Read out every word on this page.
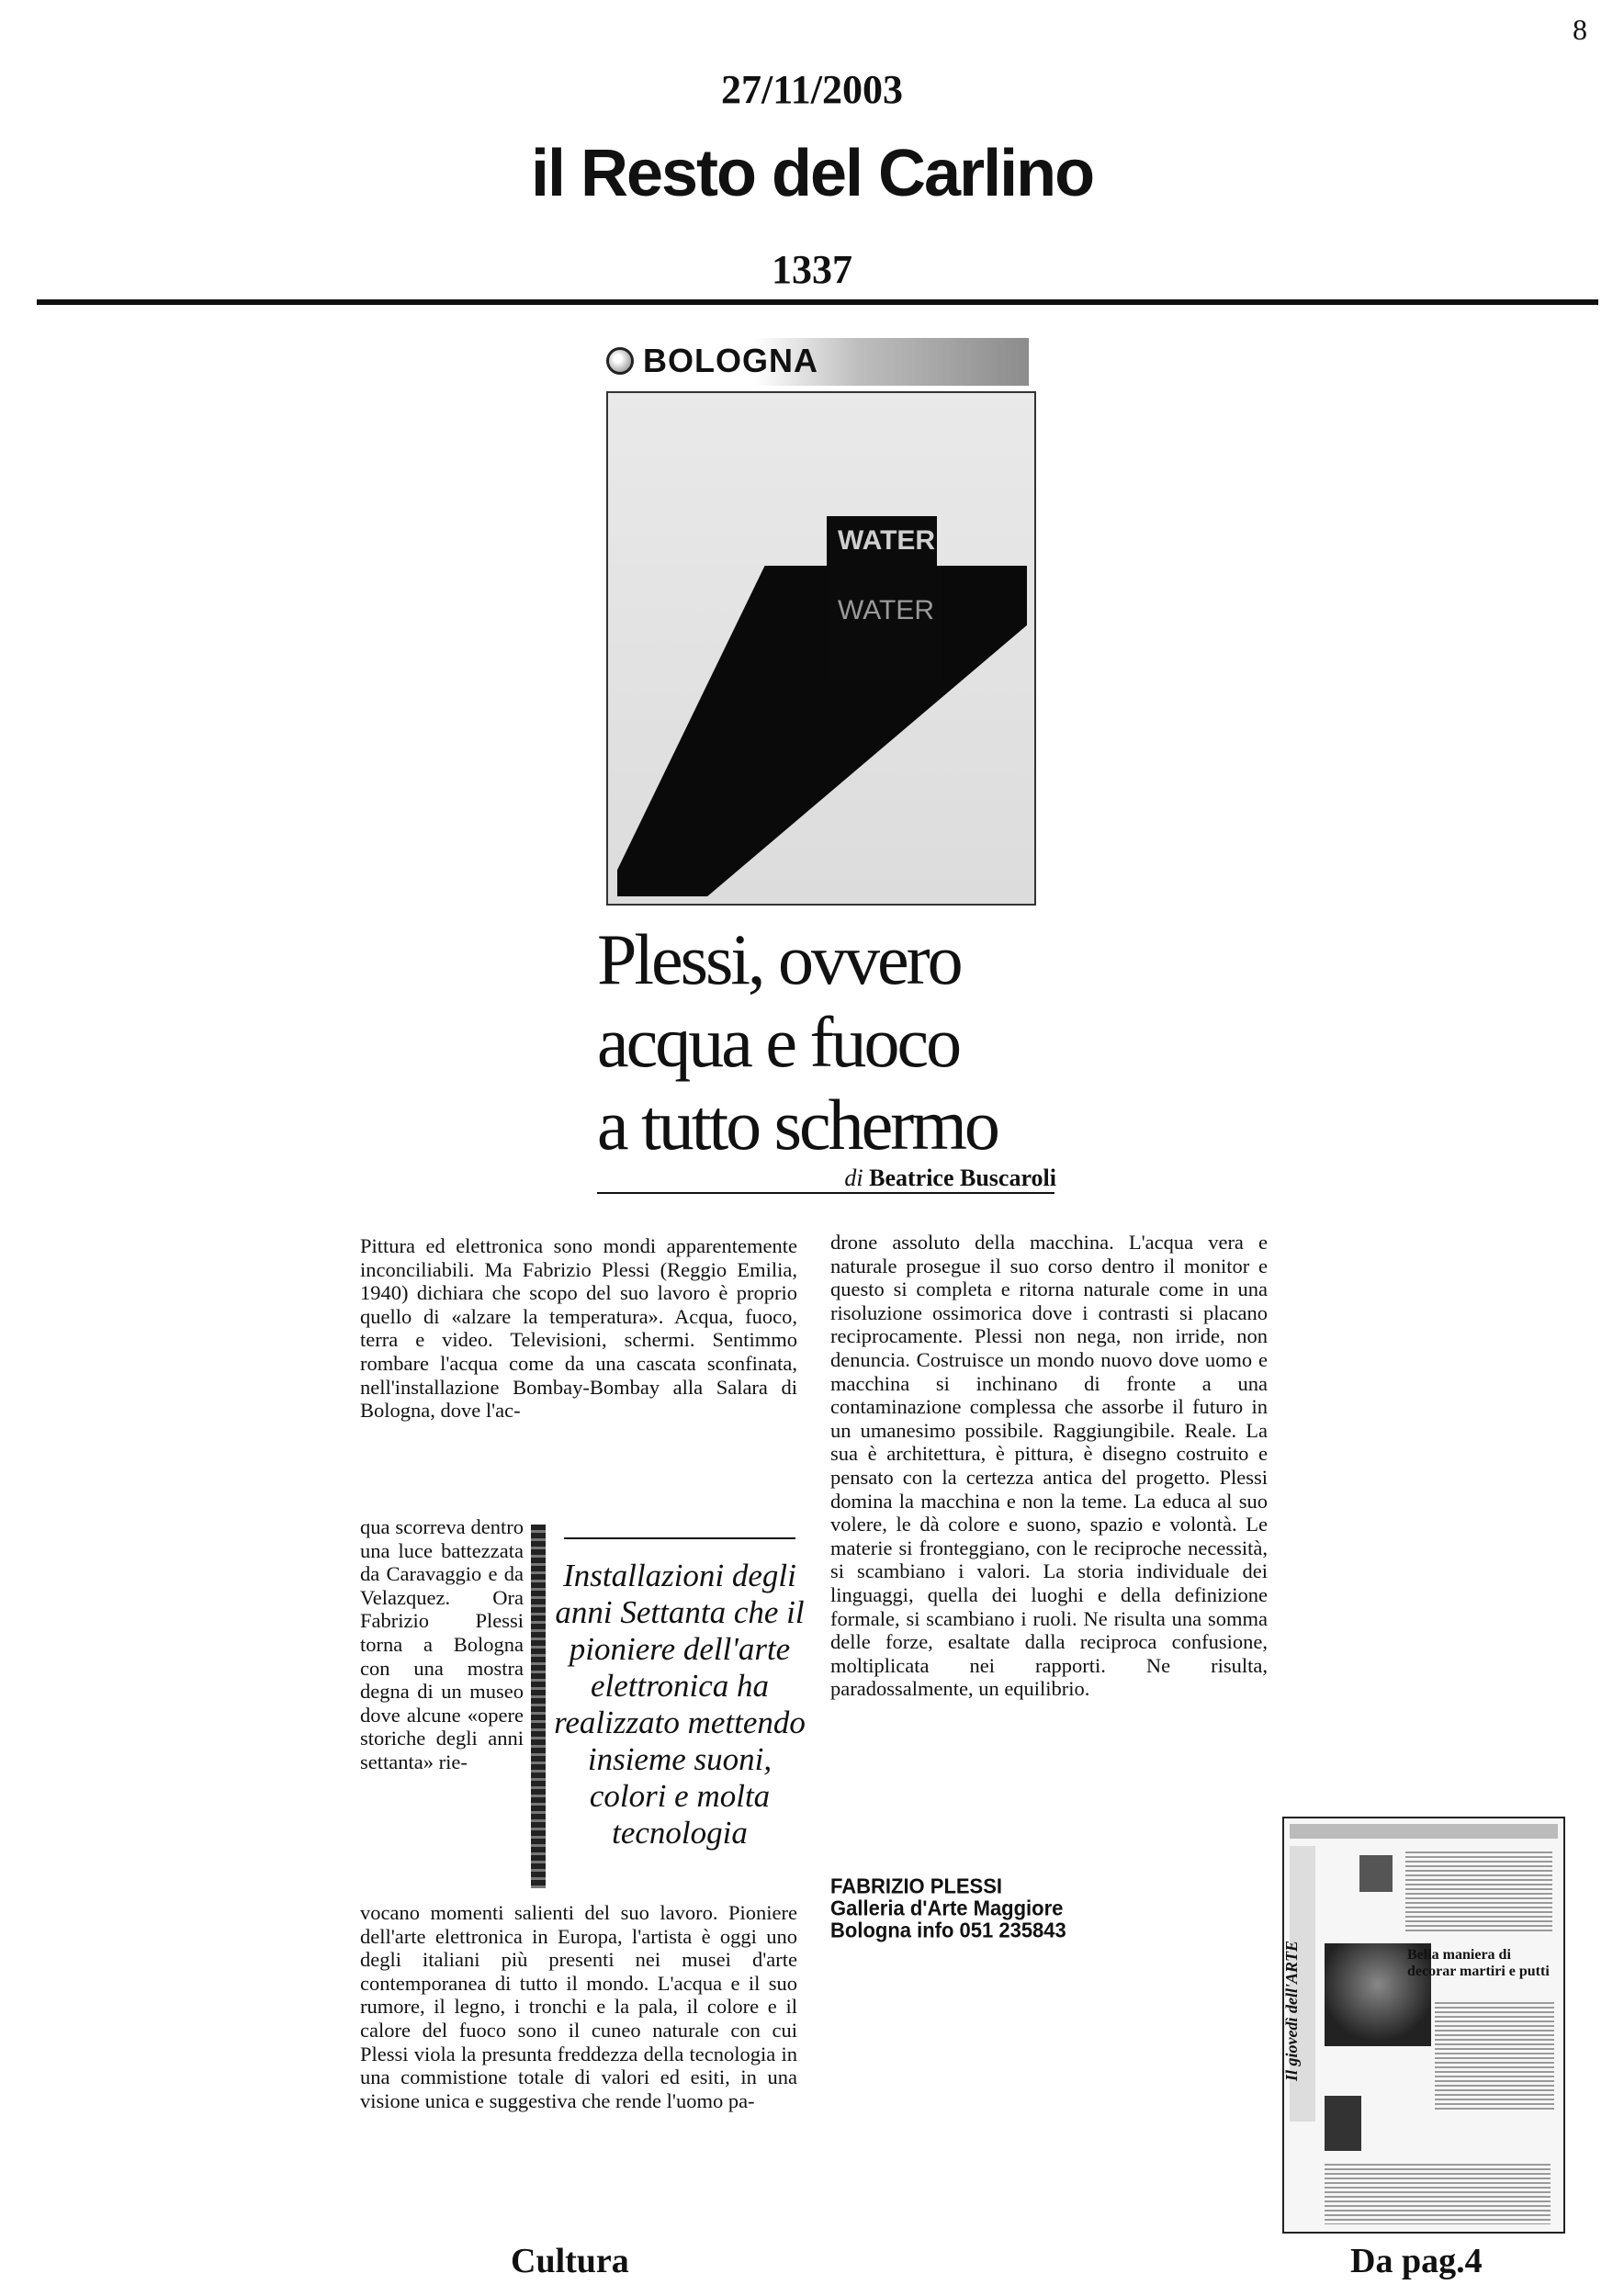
8
27/11/2003
il Resto del Carlino
1337
BOLOGNA
WATER
WATER
Plessi, ovvero
acqua e fuoco
a tutto schermo
di Beatrice Buscaroli
Pittura ed elettronica sono mondi apparentemente inconciliabili. Ma Fabrizio Plessi (Reggio Emilia, 1940) dichiara che scopo del suo lavoro è proprio quello di «alzare la temperatura». Acqua, fuoco, terra e video. Televisioni, schermi. Sentimmo rombare l'acqua come da una cascata sconfinata, nell'installazione Bombay-Bombay alla Salara di Bologna, dove l'ac-
qua scorreva dentro una luce battezzata da Caravaggio e da Velazquez. Ora Fabrizio Plessi torna a Bologna con una mostra degna di un museo dove alcune «opere storiche degli anni settanta» rie-
vocano momenti salienti del suo lavoro. Pioniere dell'arte elettronica in Europa, l'artista è oggi uno degli italiani più presenti nei musei d'arte contemporanea di tutto il mondo. L'acqua e il suo rumore, il legno, i tronchi e la pala, il colore e il calore del fuoco sono il cuneo naturale con cui Plessi viola la presunta freddezza della tecnologia in una commistione totale di valori ed esiti, in una visione unica e suggestiva che rende l'uomo pa-
Installazioni degli anni Settanta che il pioniere dell'arte elettronica ha realizzato mettendo insieme suoni, colori e molta tecnologia
drone assoluto della macchina. L'acqua vera e naturale prosegue il suo corso dentro il monitor e questo si completa e ritorna naturale come in una risoluzione ossimorica dove i contrasti si placano reciprocamente. Plessi non nega, non irride, non denuncia. Costruisce un mondo nuovo dove uomo e macchina si inchinano di fronte a una contaminazione complessa che assorbe il futuro in un umanesimo possibile. Raggiungibile. Reale. La sua è architettura, è pittura, è disegno costruito e pensato con la certezza antica del progetto. Plessi domina la macchina e non la teme. La educa al suo volere, le dà colore e suono, spazio e volontà. Le materie si fronteggiano, con le reciproche necessità, si scambiano i valori. La storia individuale dei linguaggi, quella dei luoghi e della definizione formale, si scambiano i ruoli. Ne risulta una somma delle forze, esaltate dalla reciproca confusione, moltiplicata nei rapporti. Ne risulta, paradossalmente, un equilibrio.
FABRIZIO PLESSI
Galleria d'Arte Maggiore
Bologna info 051 235843
Il giovedì dell'ARTE	Bella maniera di decorar martiri e putti
Cultura	Da pag.4
